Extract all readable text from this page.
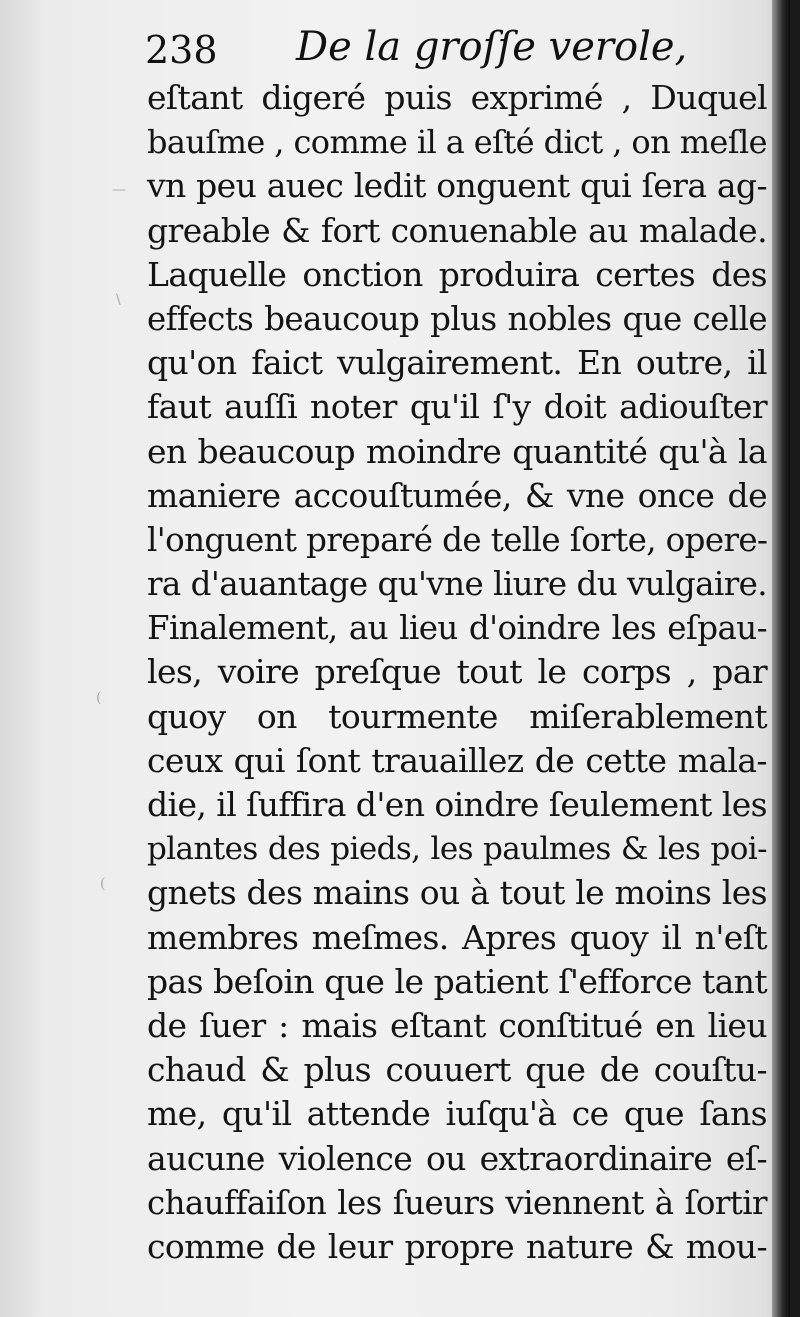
238 De la groſſe verole,
—
\
(
(
eſtant digeré puis exprimé , Duquel
bauſme , comme il a eſté dict , on meſle
vn peu auec ledit onguent qui ſera ag-
greable & fort conuenable au malade.
Laquelle onction produira certes des
effects beaucoup plus nobles que celle
qu'on faict vulgairement. En outre, il
faut auſſi noter qu'il ſ'y doit adiouſter
en beaucoup moindre quantité qu'à la
maniere accouſtumée, & vne once de
l'onguent preparé de telle ſorte, opere-
ra d'auantage qu'vne liure du vulgaire.
Finalement, au lieu d'oindre les eſpau-
les, voire preſque tout le corps , par
quoy on tourmente miſerablement
ceux qui ſont trauaillez de cette mala-
die, il ſuffira d'en oindre ſeulement les
plantes des pieds, les paulmes & les poi-
gnets des mains ou à tout le moins les
membres meſmes. Apres quoy il n'eſt
pas beſoin que le patient ſ'efforce tant
de ſuer : mais eſtant conſtitué en lieu
chaud & plus couuert que de couſtu-
me, qu'il attende iuſqu'à ce que ſans
aucune violence ou extraordinaire eſ-
chauffaiſon les ſueurs viennent à ſortir
comme de leur propre nature & mou-
